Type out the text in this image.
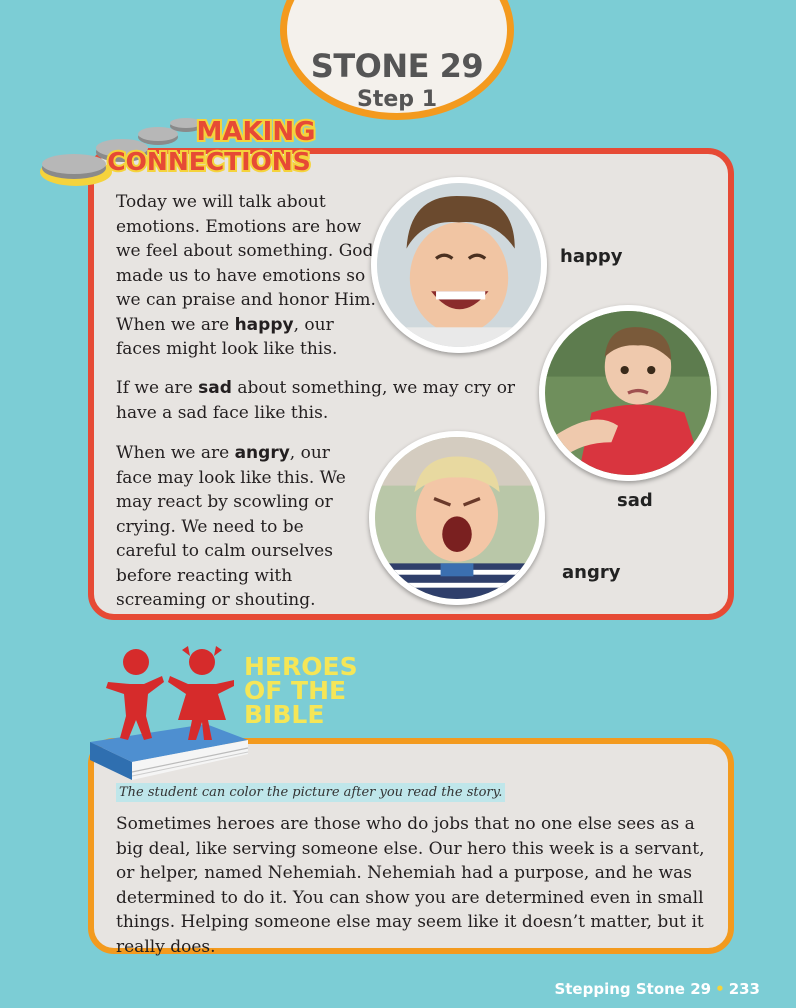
STONE 29
Step 1
MAKING
CONNECTIONS

Today we will talk about emotions. Emotions are how we feel about something. God made us to have emotions so we can praise and honor Him. When we are happy, our faces might look like this.

If we are sad about something, we may cry or have a sad face like this.

When we are angry, our face may look like this. We may react by scowling or crying. We need to be careful to calm ourselves before reacting with screaming or shouting.

happy
sad
angry
HEROES
OF THE
BIBLE
The student can color the picture after you read the story.

Sometimes heroes are those who do jobs that no one else sees as a big deal, like serving someone else. Our hero this week is a servant, or helper, named Nehemiah. Nehemiah had a purpose, and he was determined to do it. You can show you are determined even in small things. Helping someone else may seem like it doesn’t matter, but it really does.

Stepping Stone 29 • 233
